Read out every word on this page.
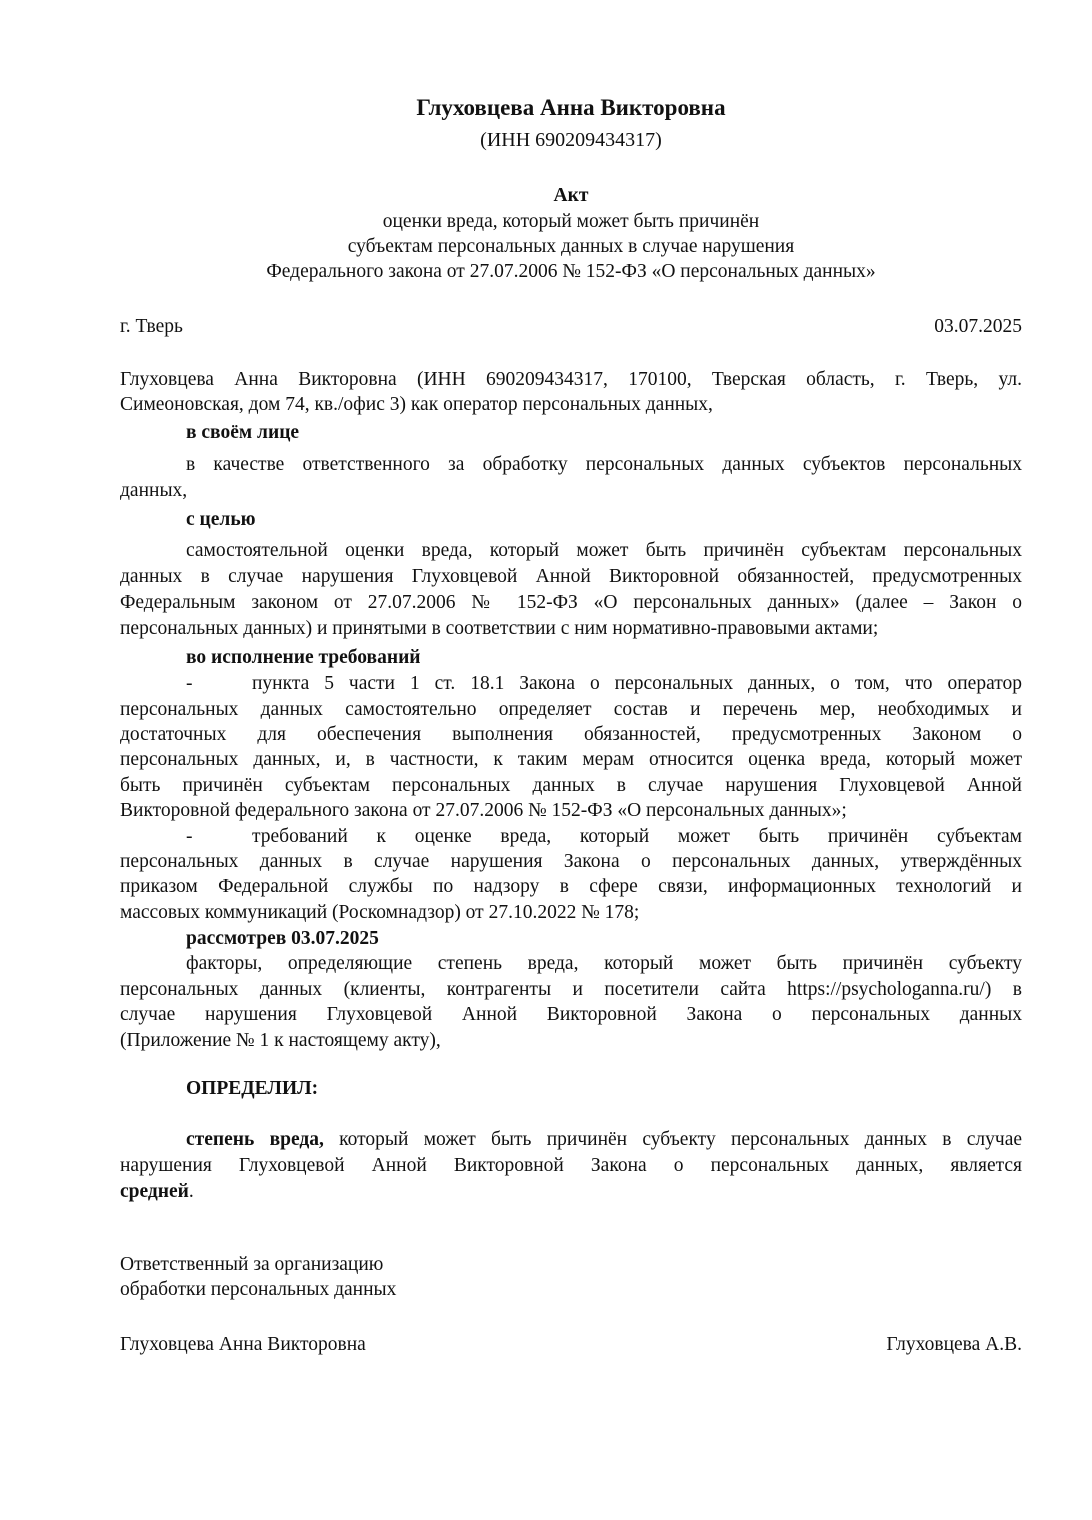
Глуховцева Анна Викторовна
(ИНН 690209434317)
Акт
оценки вреда, который может быть причинён
субъектам персональных данных в случае нарушения
Федерального закона от 27.07.2006 № 152-ФЗ «О персональных данных»
г. Тверь	03.07.2025
Глуховцева Анна Викторовна (ИНН 690209434317, 170100, Тверская область, г. Тверь, ул.
Симеоновская, дом 74, кв./офис 3) как оператор персональных данных,
в своём лице
в качестве ответственного за обработку персональных данных субъектов персональных
данных,
с целью
самостоятельной оценки вреда, который может быть причинён субъектам персональных
данных в случае нарушения Глуховцевой Анной Викторовной обязанностей, предусмотренных
Федеральным законом от 27.07.2006 № 152-ФЗ «О персональных данных» (далее – Закон о
персональных данных) и принятыми в соответствии с ним нормативно-правовыми актами;
во исполнение требований
-	пункта 5 части 1 ст. 18.1 Закона о персональных данных, о том, что оператор
персональных данных самостоятельно определяет состав и перечень мер, необходимых и
достаточных для обеспечения выполнения обязанностей, предусмотренных Законом о
персональных данных, и, в частности, к таким мерам относится оценка вреда, который может
быть причинён субъектам персональных данных в случае нарушения Глуховцевой Анной
Викторовной федерального закона от 27.07.2006 № 152-ФЗ «О персональных данных»;
-	требований к оценке вреда, который может быть причинён субъектам
персональных данных в случае нарушения Закона о персональных данных, утверждённых
приказом Федеральной службы по надзору в сфере связи, информационных технологий и
массовых коммуникаций (Роскомнадзор) от 27.10.2022 № 178;
рассмотрев 03.07.2025
факторы, определяющие степень вреда, который может быть причинён субъекту
персональных данных (клиенты, контрагенты и посетители сайта https://psychologanna.ru/) в
случае нарушения Глуховцевой Анной Викторовной Закона о персональных данных
(Приложение № 1 к настоящему акту),
ОПРЕДЕЛИЛ:
степень вреда, который может быть причинён субъекту персональных данных в случае
нарушения Глуховцевой Анной Викторовной Закона о персональных данных, является
средней.
Ответственный за организацию
обработки персональных данных
Глуховцева Анна Викторовна	Глуховцева А.В.
